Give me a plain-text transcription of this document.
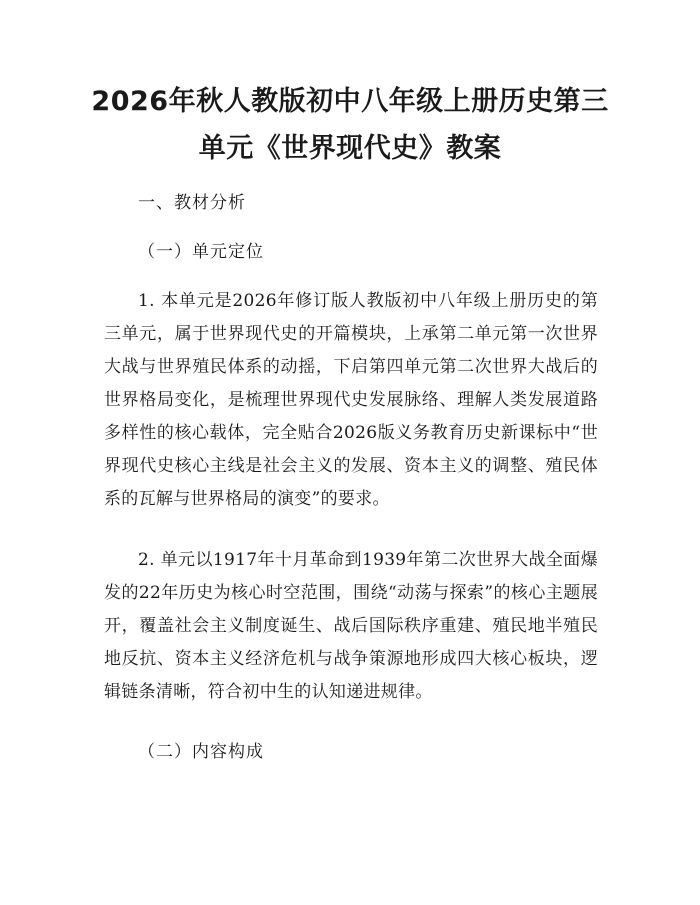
2026年秋人教版初中八年级上册历史第三单元《世界现代史》教案
一、教材分析
（一）单元定位
1. 本单元是2026年修订版人教版初中八年级上册历史的第三单元，属于世界现代史的开篇模块，上承第二单元第一次世界大战与世界殖民体系的动摇，下启第四单元第二次世界大战后的世界格局变化，是梳理世界现代史发展脉络、理解人类发展道路多样性的核心载体，完全贴合2026版义务教育历史新课标中“世界现代史核心主线是社会主义的发展、资本主义的调整、殖民体系的瓦解与世界格局的演变”的要求。
2. 单元以1917年十月革命到1939年第二次世界大战全面爆发的22年历史为核心时空范围，围绕“动荡与探索”的核心主题展开，覆盖社会主义制度诞生、战后国际秩序重建、殖民地半殖民地反抗、资本主义经济危机与战争策源地形成四大核心板块，逻辑链条清晰，符合初中生的认知递进规律。
（二）内容构成
